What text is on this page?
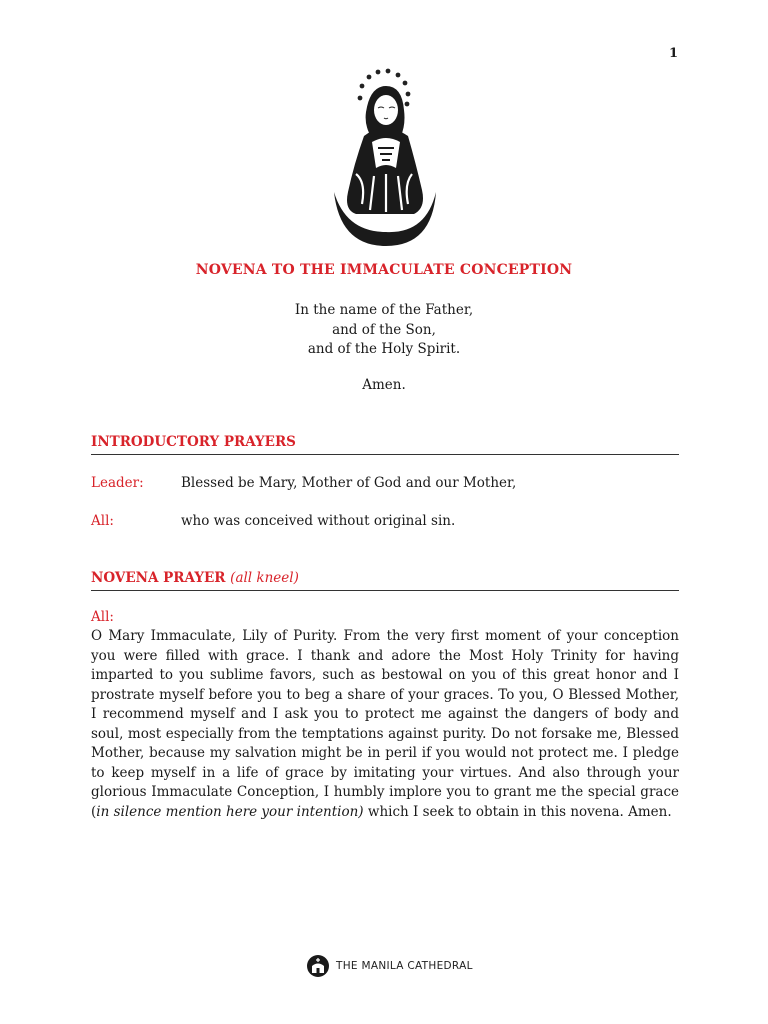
1
NOVENA TO THE IMMACULATE CONCEPTION
In the name of the Father,
and of the Son,
and of the Holy Spirit.
Amen.
INTRODUCTORY PRAYERS
Leader:	Blessed be Mary, Mother of God and our Mother,
All:	who was conceived without original sin.
NOVENA PRAYER (all kneel)
All:
O Mary Immaculate, Lily of Purity. From the very first moment of your conception you were filled with grace. I thank and adore the Most Holy Trinity for having imparted to you sublime favors, such as bestowal on you of this great honor and I prostrate myself before you to beg a share of your graces. To you, O Blessed Mother, I recommend myself and I ask you to protect me against the dangers of body and soul, most especially from the temptations against purity. Do not forsake me, Blessed Mother, because my salvation might be in peril if you would not protect me. I pledge to keep myself in a life of grace by imitating your virtues. And also through your glorious Immaculate Conception, I humbly implore you to grant me the special grace (in silence mention here your intention) which I seek to obtain in this novena. Amen.
THE MANILA CATHEDRAL
